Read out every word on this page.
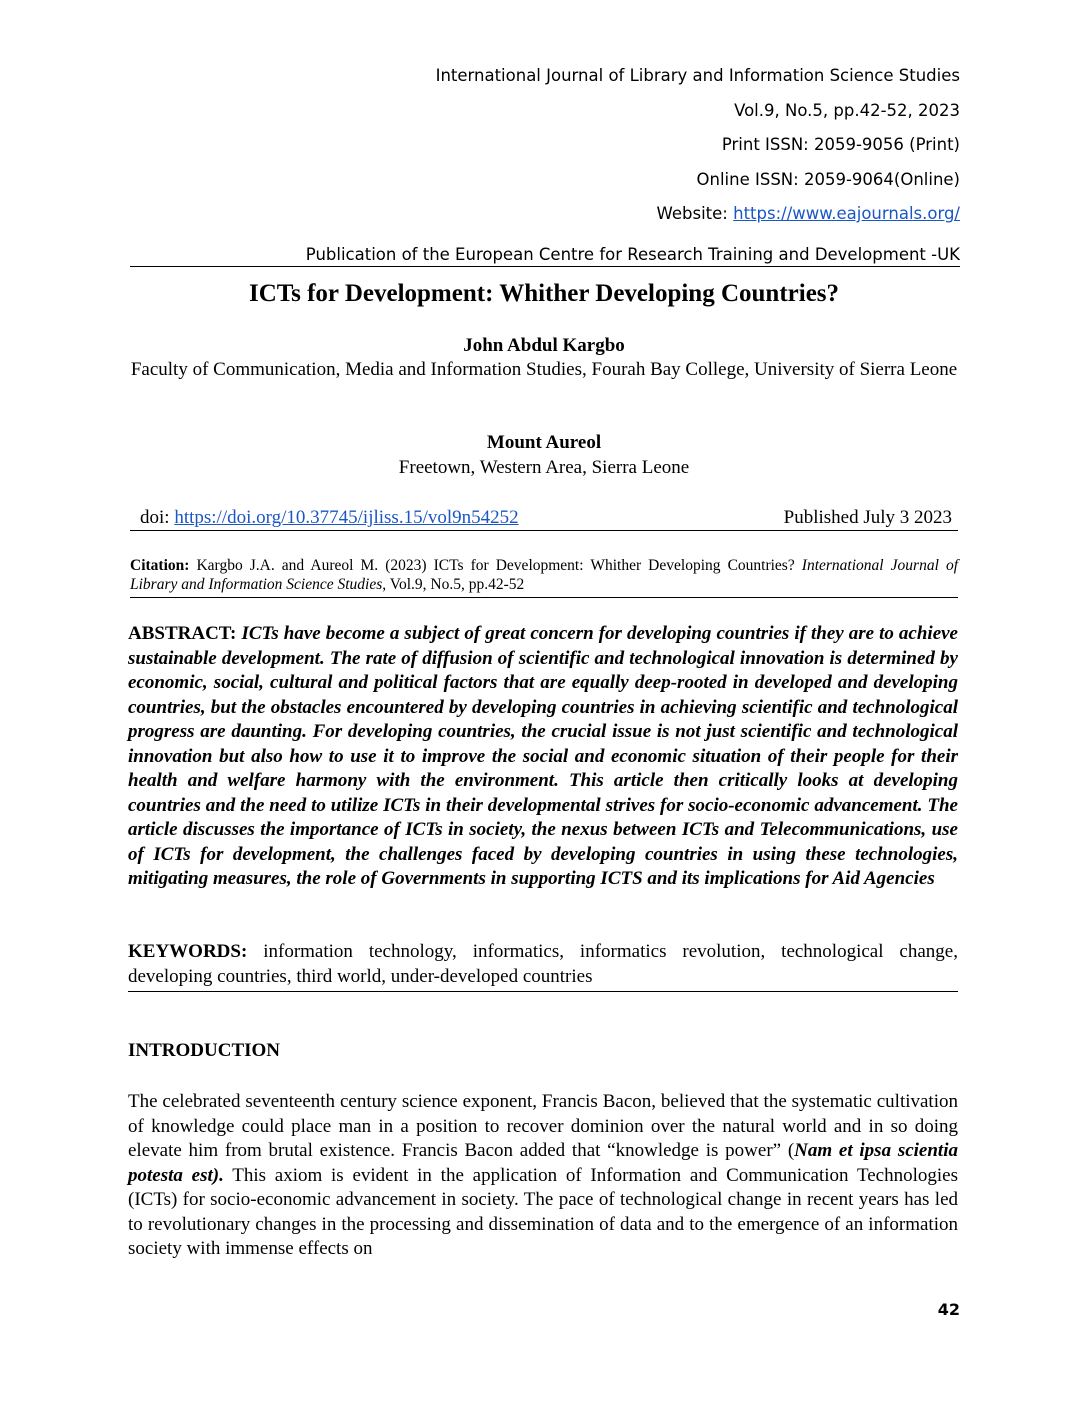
International Journal of Library and Information Science Studies
Vol.9, No.5, pp.42-52, 2023
Print ISSN: 2059-9056 (Print)
Online ISSN: 2059-9064(Online)
Website: https://www.eajournals.org/
Publication of the European Centre for Research Training and Development -UK
ICTs for Development: Whither Developing Countries?
John Abdul Kargbo
Faculty of Communication, Media and Information Studies, Fourah Bay College, University of Sierra Leone
Mount Aureol
Freetown, Western Area, Sierra Leone
doi: https://doi.org/10.37745/ijliss.15/vol9n54252	Published July 3 2023
Citation: Kargbo J.A. and Aureol M. (2023) ICTs for Development: Whither Developing Countries? International Journal of Library and Information Science Studies, Vol.9, No.5, pp.42-52
ABSTRACT: ICTs have become a subject of great concern for developing countries if they are to achieve sustainable development. The rate of diffusion of scientific and technological innovation is determined by economic, social, cultural and political factors that are equally deep-rooted in developed and developing countries, but the obstacles encountered by developing countries in achieving scientific and technological progress are daunting. For developing countries, the crucial issue is not just scientific and technological innovation but also how to use it to improve the social and economic situation of their people for their health and welfare harmony with the environment. This article then critically looks at developing countries and the need to utilize ICTs in their developmental strives for socio-economic advancement. The article discusses the importance of ICTs in society, the nexus between ICTs and Telecommunications, use of ICTs for development, the challenges faced by developing countries in using these technologies, mitigating measures, the role of Governments in supporting ICTS and its implications for Aid Agencies
KEYWORDS: information technology, informatics, informatics revolution, technological change, developing countries, third world, under-developed countries
INTRODUCTION
The celebrated seventeenth century science exponent, Francis Bacon, believed that the systematic cultivation of knowledge could place man in a position to recover dominion over the natural world and in so doing elevate him from brutal existence. Francis Bacon added that “knowledge is power” (Nam et ipsa scientia potesta est). This axiom is evident in the application of Information and Communication Technologies (ICTs) for socio-economic advancement in society. The pace of technological change in recent years has led to revolutionary changes in the processing and dissemination of data and to the emergence of an information society with immense effects on
42
